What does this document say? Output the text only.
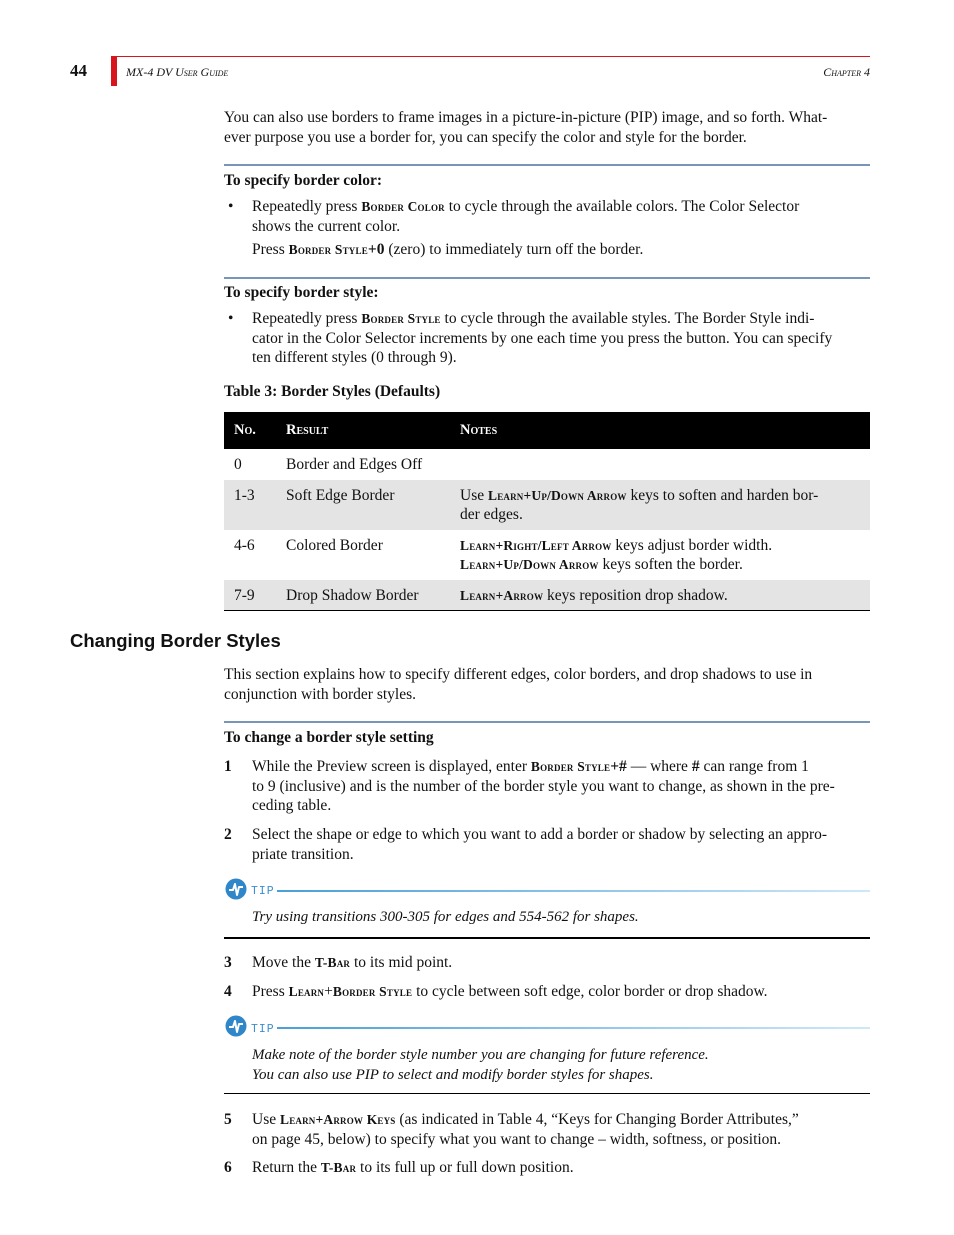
44	MX-4 DV User Guide	Chapter 4
You can also use borders to frame images in a picture-in-picture (PIP) image, and so forth. What-
ever purpose you use a border for, you can specify the color and style for the border.
To specify border color:
• Repeatedly press Border Color to cycle through the available colors. The Color Selector
shows the current color.
Press Border Style+0 (zero) to immediately turn off the border.
To specify border style:
• Repeatedly press Border Style to cycle through the available styles. The Border Style indi-
cator in the Color Selector increments by one each time you press the button. You can specify
ten different styles (0 through 9).
Table 3: Border Styles (Defaults)
No.	Result	Notes
0	Border and Edges Off	
1-3	Soft Edge Border	Use Learn+Up/Down Arrow keys to soften and harden bor-
der edges.
4-6	Colored Border	Learn+Right/Left Arrow keys adjust border width.
Learn+Up/Down Arrow keys soften the border.
7-9	Drop Shadow Border	Learn+Arrow keys reposition drop shadow.
Changing Border Styles
This section explains how to specify different edges, color borders, and drop shadows to use in
conjunction with border styles.
To change a border style setting
1 While the Preview screen is displayed, enter Border Style+# — where # can range from 1
to 9 (inclusive) and is the number of the border style you want to change, as shown in the pre-
ceding table.
2 Select the shape or edge to which you want to add a border or shadow by selecting an appro-
priate transition.
TIP
Try using transitions 300-305 for edges and 554-562 for shapes.
3 Move the T-Bar to its mid point.
4 Press Learn+Border Style to cycle between soft edge, color border or drop shadow.
TIP
Make note of the border style number you are changing for future reference.
You can also use PIP to select and modify border styles for shapes.
5 Use Learn+Arrow Keys (as indicated in Table 4, “Keys for Changing Border Attributes,”
on page 45, below) to specify what you want to change – width, softness, or position.
6 Return the T-Bar to its full up or full down position.
